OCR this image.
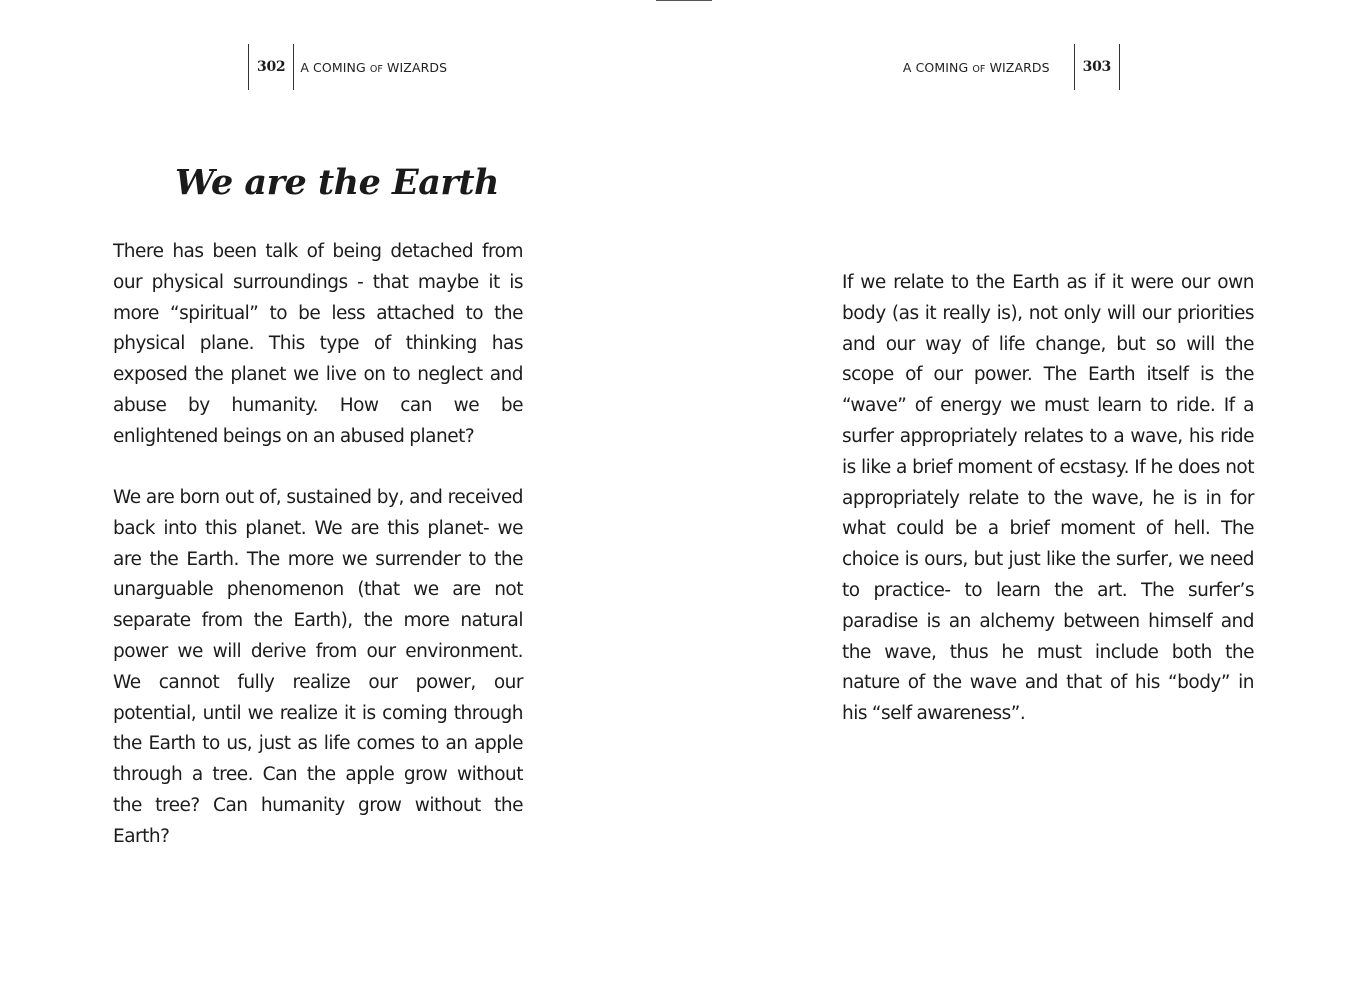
302	A COMING OF WIZARDS
We are the Earth

There has been talk of being detached from our physical surroundings - that maybe it is more “spiritual” to be less attached to the physical plane. This type of thinking has exposed the planet we live on to neglect and abuse by humanity. How can we be enlightened beings on an abused planet?

We are born out of, sustained by, and received back into this planet. We are this planet- we are the Earth. The more we surrender to the unarguable phenomenon (that we are not separate from the Earth), the more natural power we will derive from our environment. We cannot fully realize our power, our potential, until we realize it is coming through the Earth to us, just as life comes to an apple through a tree. Can the apple grow without the tree? Can humanity grow without the Earth?

A COMING OF WIZARDS	303

If we relate to the Earth as if it were our own body (as it really is), not only will our priorities and our way of life change, but so will the scope of our power. The Earth itself is the “wave” of energy we must learn to ride. If a surfer appropriately relates to a wave, his ride is like a brief moment of ecstasy. If he does not appropriately relate to the wave, he is in for what could be a brief moment of hell. The choice is ours, but just like the surfer, we need to practice- to learn the art. The surfer’s paradise is an alchemy between himself and the wave, thus he must include both the nature of the wave and that of his “body” in his “self awareness”.
